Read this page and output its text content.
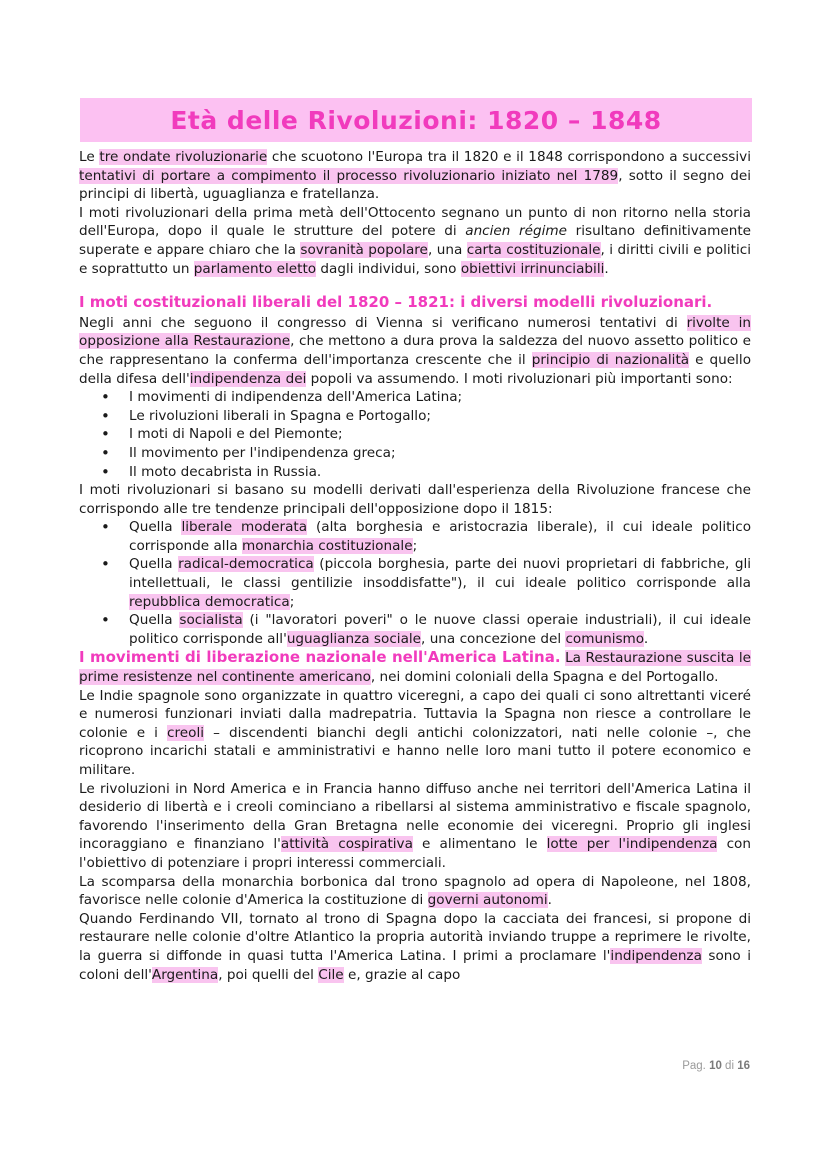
Età delle Rivoluzioni: 1820 – 1848

Le tre ondate rivoluzionarie che scuotono l'Europa tra il 1820 e il 1848 corrispondono a successivi tentativi di portare a compimento il processo rivoluzionario iniziato nel 1789, sotto il segno dei principi di libertà, uguaglianza e fratellanza.

I moti rivoluzionari della prima metà dell'Ottocento segnano un punto di non ritorno nella storia dell'Europa, dopo il quale le strutture del potere di ancien régime risultano definitivamente superate e appare chiaro che la sovranità popolare, una carta costituzionale, i diritti civili e politici e soprattutto un parlamento eletto dagli individui, sono obiettivi irrinunciabili.

I moti costituzionali liberali del 1820 – 1821: i diversi modelli rivoluzionari.

Negli anni che seguono il congresso di Vienna si verificano numerosi tentativi di rivolte in opposizione alla Restaurazione, che mettono a dura prova la saldezza del nuovo assetto politico e che rappresentano la conferma dell'importanza crescente che il principio di nazionalità e quello della difesa dell'indipendenza dei popoli va assumendo. I moti rivoluzionari più importanti sono:

• I movimenti di indipendenza dell'America Latina;
• Le rivoluzioni liberali in Spagna e Portogallo;
• I moti di Napoli e del Piemonte;
• Il movimento per l'indipendenza greca;
• Il moto decabrista in Russia.

I moti rivoluzionari si basano su modelli derivati dall'esperienza della Rivoluzione francese che corrispondo alle tre tendenze principali dell'opposizione dopo il 1815:

• Quella liberale moderata (alta borghesia e aristocrazia liberale), il cui ideale politico corrisponde alla monarchia costituzionale;
• Quella radical-democratica (piccola borghesia, parte dei nuovi proprietari di fabbriche, gli intellettuali, le classi gentilizie insoddisfatte"), il cui ideale politico corrisponde alla repubblica democratica;
• Quella socialista (i "lavoratori poveri" o le nuove classi operaie industriali), il cui ideale politico corrisponde all'uguaglianza sociale, una concezione del comunismo.

I movimenti di liberazione nazionale nell'America Latina. La Restaurazione suscita le prime resistenze nel continente americano, nei domini coloniali della Spagna e del Portogallo.

Le Indie spagnole sono organizzate in quattro viceregni, a capo dei quali ci sono altrettanti viceré e numerosi funzionari inviati dalla madrepatria. Tuttavia la Spagna non riesce a controllare le colonie e i creoli – discendenti bianchi degli antichi colonizzatori, nati nelle colonie –, che ricoprono incarichi statali e amministrativi e hanno nelle loro mani tutto il potere economico e militare.

Le rivoluzioni in Nord America e in Francia hanno diffuso anche nei territori dell'America Latina il desiderio di libertà e i creoli cominciano a ribellarsi al sistema amministrativo e fiscale spagnolo, favorendo l'inserimento della Gran Bretagna nelle economie dei viceregni. Proprio gli inglesi incoraggiano e finanziano l'attività cospirativa e alimentano le lotte per l'indipendenza con l'obiettivo di potenziare i propri interessi commerciali.

La scomparsa della monarchia borbonica dal trono spagnolo ad opera di Napoleone, nel 1808, favorisce nelle colonie d'America la costituzione di governi autonomi.

Quando Ferdinando VII, tornato al trono di Spagna dopo la cacciata dei francesi, si propone di restaurare nelle colonie d'oltre Atlantico la propria autorità inviando truppe a reprimere le rivolte, la guerra si diffonde in quasi tutta l'America Latina. I primi a proclamare l'indipendenza sono i coloni dell'Argentina, poi quelli del Cile e, grazie al capo

Pag. 10 di 16
